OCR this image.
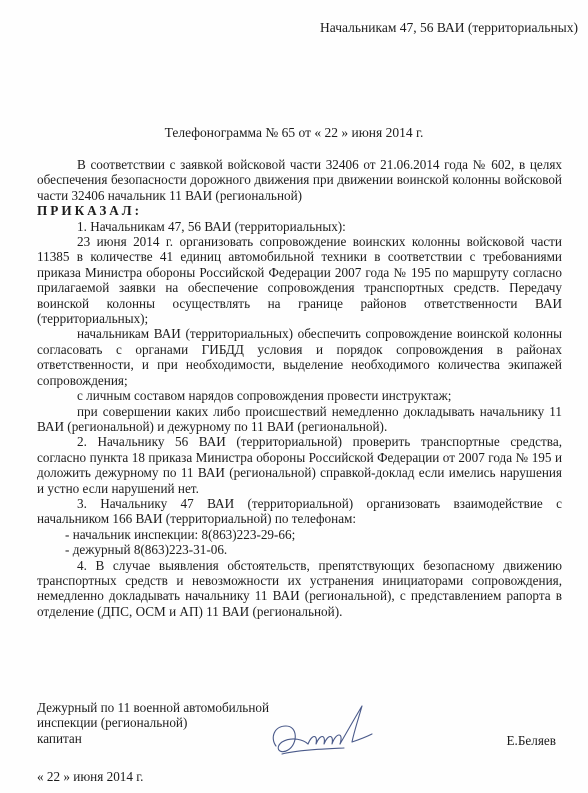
Начальникам 47, 56 ВАИ (территориальных)
Телефонограмма № 65 от « 22 » июня 2014 г.

В соответствии с заявкой войсковой части 32406 от 21.06.2014 года № 602, в целях обеспечения безопасности дорожного движения при движении воинской колонны войсковой части 32406 начальник 11 ВАИ (региональной)

ПРИКАЗАЛ:

1. Начальникам 47, 56 ВАИ (территориальных):

23 июня 2014 г. организовать сопровождение воинских колонны войсковой части 11385 в количестве 41 единиц автомобильной техники в соответствии с требованиями приказа Министра обороны Российской Федерации 2007 года № 195 по маршруту согласно прилагаемой заявки на обеспечение сопровождения транспортных средств. Передачу воинской колонны осуществлять на границе районов ответственности ВАИ (территориальных);

начальникам ВАИ (территориальных) обеспечить сопровождение воинской колонны согласовать с органами ГИБДД условия и порядок сопровождения в районах ответственности, и при необходимости, выделение необходимого количества экипажей сопровождения;

с личным составом нарядов сопровождения провести инструктаж;

при совершении каких либо происшествий немедленно докладывать начальнику 11 ВАИ (региональной) и дежурному по 11 ВАИ (региональной).

2. Начальнику 56 ВАИ (территориальной) проверить транспортные средства, согласно пункта 18 приказа Министра обороны Российской Федерации от 2007 года № 195 и доложить дежурному по 11 ВАИ (региональной) справкой-доклад если имелись нарушения и устно если нарушений нет.

3. Начальнику 47 ВАИ (территориальной) организовать взаимодействие с начальником 166 ВАИ (территориальной) по телефонам:

- начальник инспекции: 8(863)223-29-66;

- дежурный 8(863)223-31-06.

4. В случае выявления обстоятельств, препятствующих безопасному движению транспортных средств и невозможности их устранения инициаторами сопровождения, немедленно докладывать начальнику 11 ВАИ (региональной), с представлением рапорта в отделение (ДПС, ОСМ и АП) 11 ВАИ (региональной).

Дежурный по 11 военной автомобильной
инспекции (региональной)
капитан	Е.Беляев
« 22 » июня 2014 г.
